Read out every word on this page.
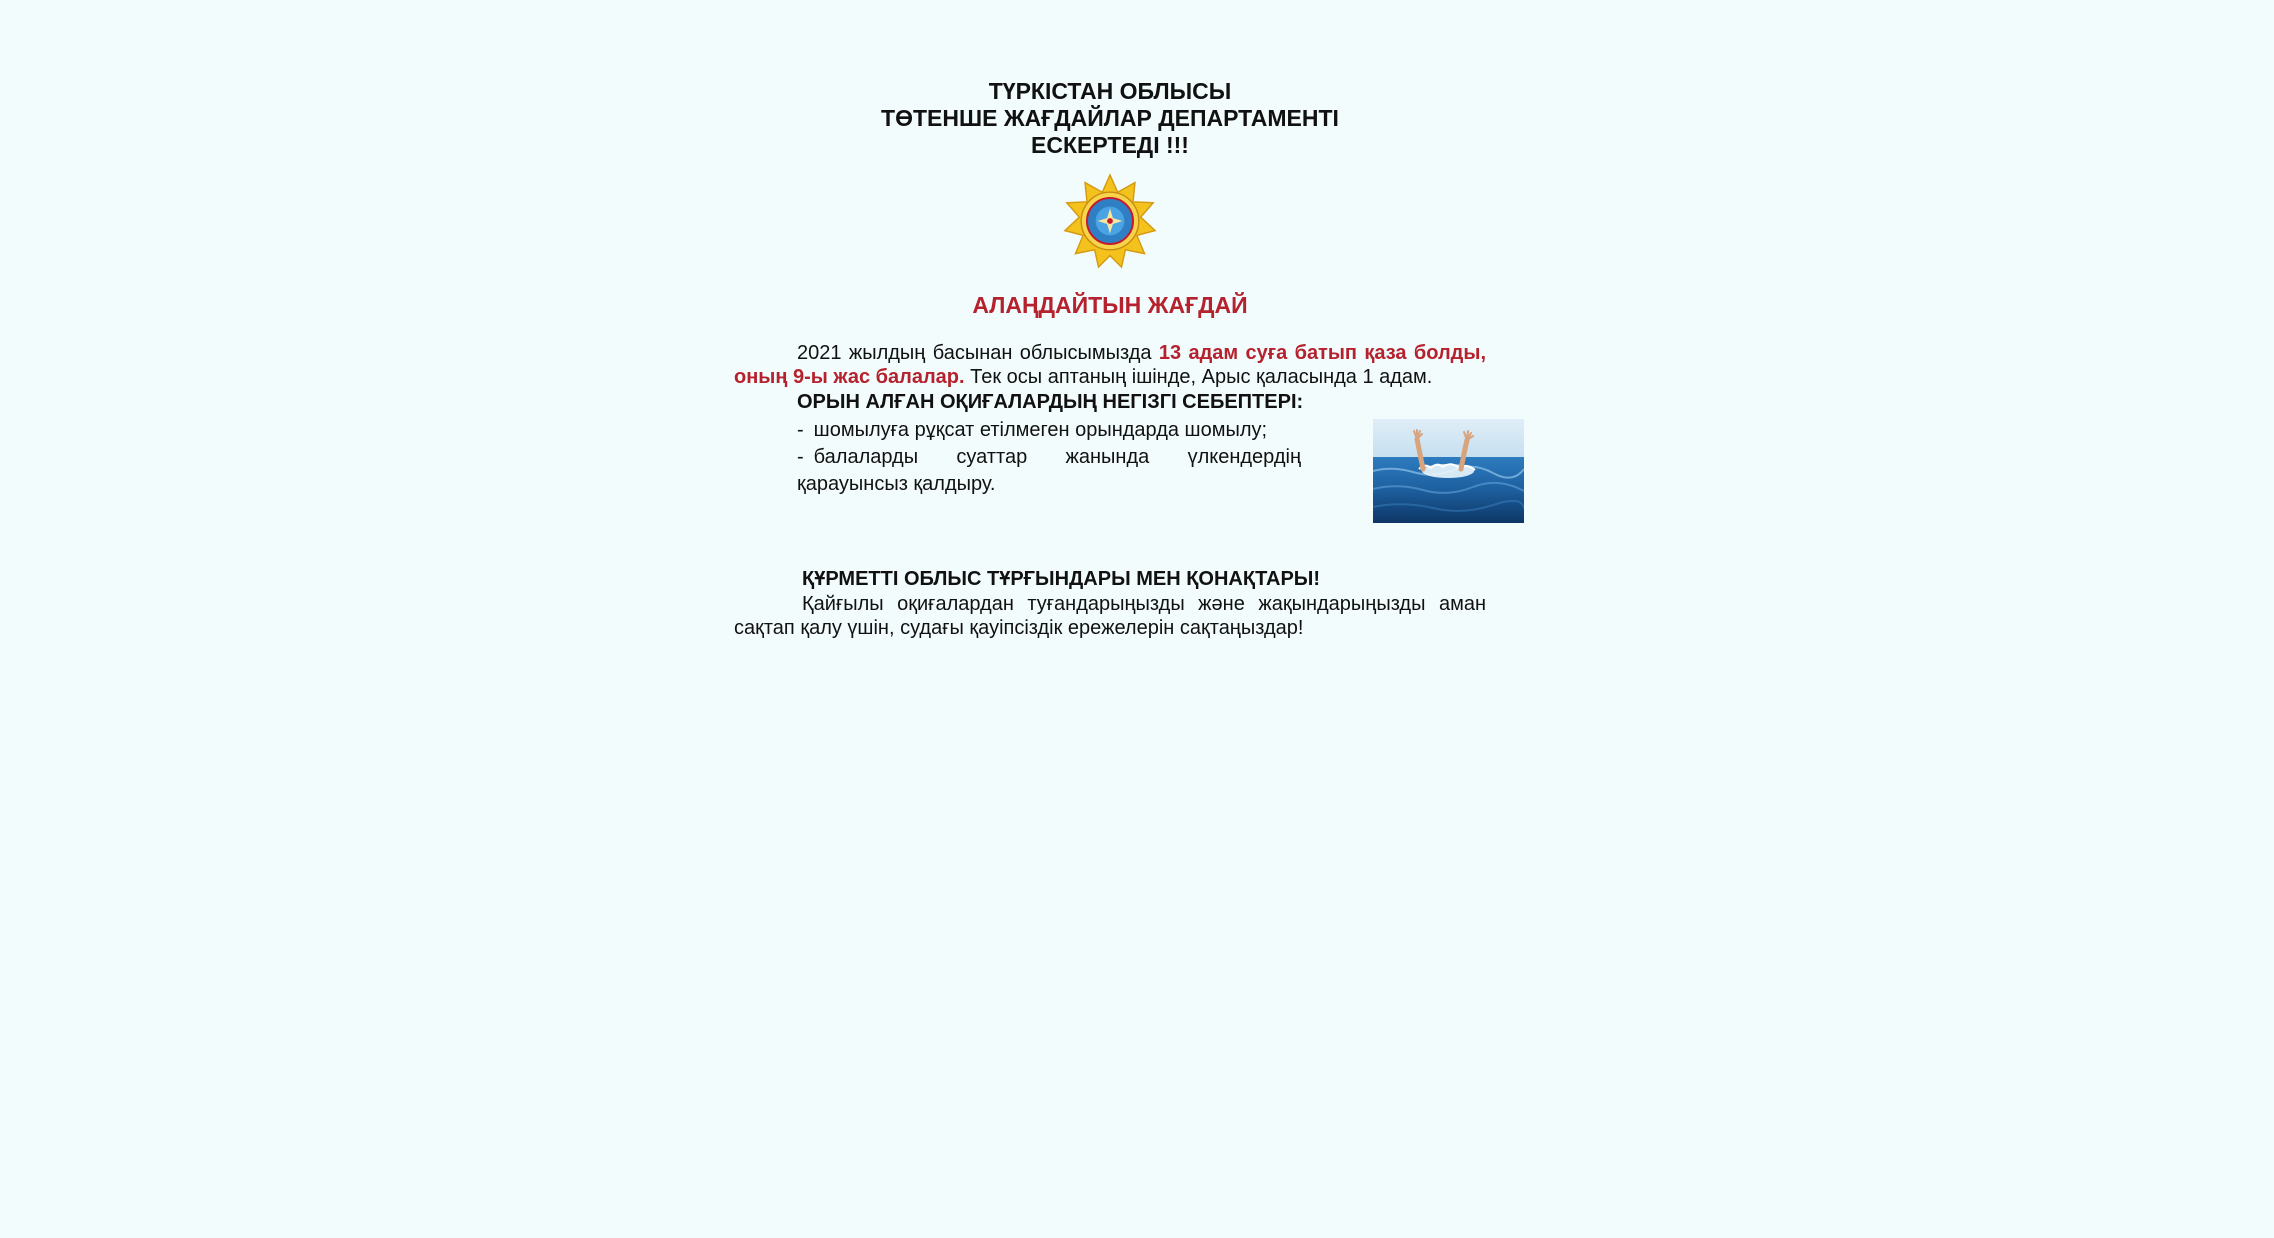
ТҮРКІСТАН ОБЛЫСЫ
ТӨТЕНШЕ ЖАҒДАЙЛАР ДЕПАРТАМЕНТІ
ЕСКЕРТЕДІ !!!
АЛАҢДАЙТЫН ЖАҒДАЙ
2021 жылдың басынан облысымызда 13 адам суға батып қаза болды, оның 9-ы жас балалар. Тек осы аптаның ішінде, Арыс қаласында 1 адам.
ОРЫН АЛҒАН ОҚИҒАЛАРДЫҢ НЕГІЗГІ СЕБЕПТЕРІ:
- шомылуға рұқсат етілмеген орындарда шомылу;
- балаларды суаттар жанында үлкендердің қарауынсыз қалдыру.
ҚҰРМЕТТІ ОБЛЫС ТҰРҒЫНДАРЫ МЕН ҚОНАҚТАРЫ!
Қайғылы оқиғалардан туғандарыңызды және жақындарыңызды аман сақтап қалу үшін, судағы қауіпсіздік ережелерін сақтаңыздар!
